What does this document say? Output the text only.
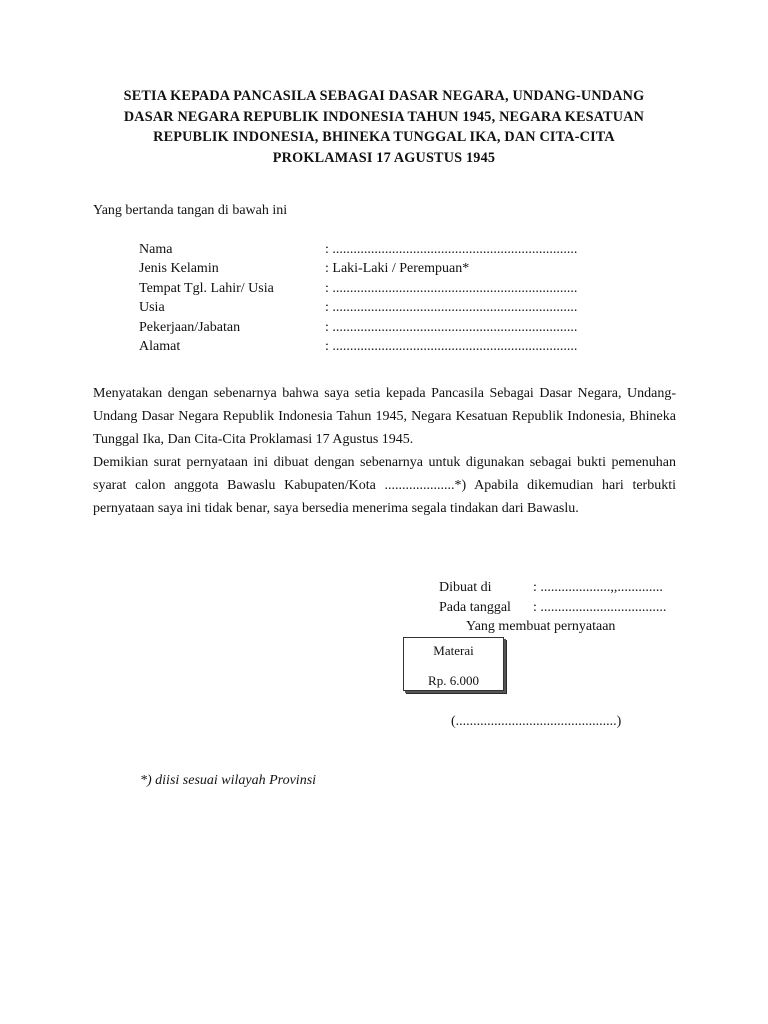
SETIA KEPADA PANCASILA SEBAGAI DASAR NEGARA, UNDANG-UNDANG
DASAR NEGARA REPUBLIK INDONESIA TAHUN 1945, NEGARA KESATUAN
REPUBLIK INDONESIA, BHINEKA TUNGGAL IKA, DAN CITA-CITA
PROKLAMASI 17 AGUSTUS 1945
Yang bertanda tangan di bawah ini
Nama	: ......................................................................
Jenis Kelamin	: Laki-Laki / Perempuan*
Tempat Tgl. Lahir/ Usia	: ......................................................................
Usia	: ......................................................................
Pekerjaan/Jabatan	: ......................................................................
Alamat	: ......................................................................

Menyatakan dengan sebenarnya bahwa saya setia kepada Pancasila Sebagai Dasar Negara, Undang-Undang Dasar Negara Republik Indonesia Tahun 1945, Negara Kesatuan Republik Indonesia, Bhineka Tunggal Ika, Dan Cita-Cita Proklamasi 17 Agustus 1945.

Demikian surat pernyataan ini dibuat dengan sebenarnya untuk digunakan sebagai bukti pemenuhan syarat calon anggota Bawaslu Kabupaten/Kota ....................*) Apabila dikemudian hari terbukti pernyataan saya ini tidak benar, saya bersedia menerima segala tindakan dari Bawaslu.

Dibuat di	: ....................,,.............
Pada tanggal	: ....................................
Yang membuat pernyataan
Materai
Rp. 6.000
(..............................................)
*) diisi sesuai wilayah Provinsi
